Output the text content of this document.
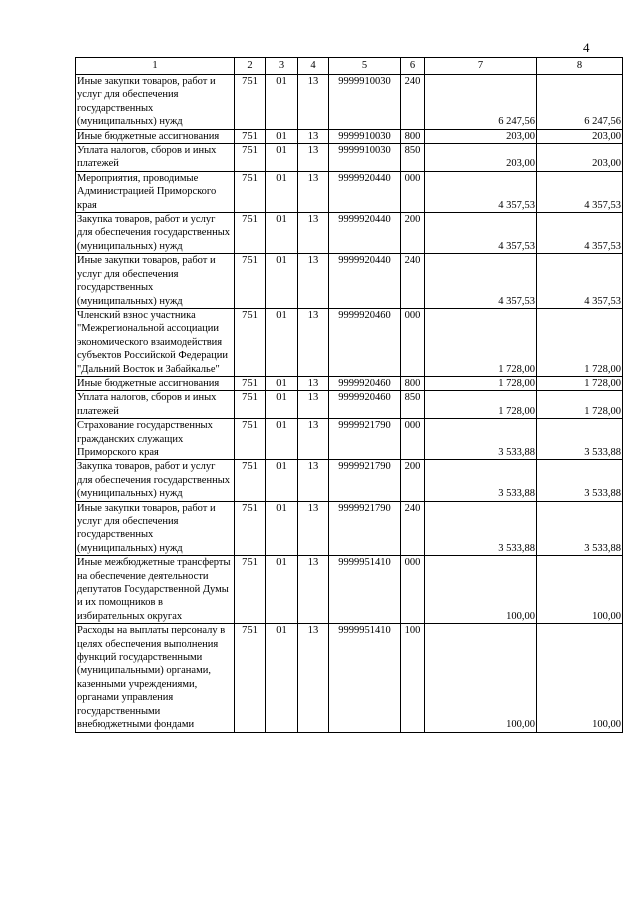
4
1	2	3	4	5	6	7	8
Иные закупки товаров, работ и услуг для обеспечения государственных (муниципальных) нужд	751	01	13	9999910030	240	6 247,56	6 247,56

Иные бюджетные ассигнования	751	01	13	9999910030	800	203,00	203,00

Уплата налогов, сборов и иных платежей	751	01	13	9999910030	850	203,00	203,00

Мероприятия, проводимые Администрацией Приморского края	751	01	13	9999920440	000	4 357,53	4 357,53

Закупка товаров, работ и услуг для обеспечения государственных (муниципальных) нужд	751	01	13	9999920440	200	4 357,53	4 357,53

Иные закупки товаров, работ и услуг для обеспечения государственных (муниципальных) нужд	751	01	13	9999920440	240	4 357,53	4 357,53

Членский взнос участника "Межрегиональной ассоциации экономического взаимодействия субъектов Российской Федерации "Дальний Восток и Забайкалье"	751	01	13	9999920460	000	1 728,00	1 728,00

Иные бюджетные ассигнования	751	01	13	9999920460	800	1 728,00	1 728,00

Уплата налогов, сборов и иных платежей	751	01	13	9999920460	850	1 728,00	1 728,00

Страхование государственных гражданских служащих Приморского края	751	01	13	9999921790	000	3 533,88	3 533,88

Закупка товаров, работ и услуг для обеспечения государственных (муниципальных) нужд	751	01	13	9999921790	200	3 533,88	3 533,88

Иные закупки товаров, работ и услуг для обеспечения государственных (муниципальных) нужд	751	01	13	9999921790	240	3 533,88	3 533,88

Иные межбюджетные трансферты на обеспечение деятельности депутатов Государственной Думы и их помощников в избирательных округах	751	01	13	9999951410	000	100,00	100,00

Расходы на выплаты персоналу в целях обеспечения выполнения функций государственными (муниципальными) органами, казенными учреждениями, органами управления государственными внебюджетными фондами	751	01	13	9999951410	100	100,00	100,00
